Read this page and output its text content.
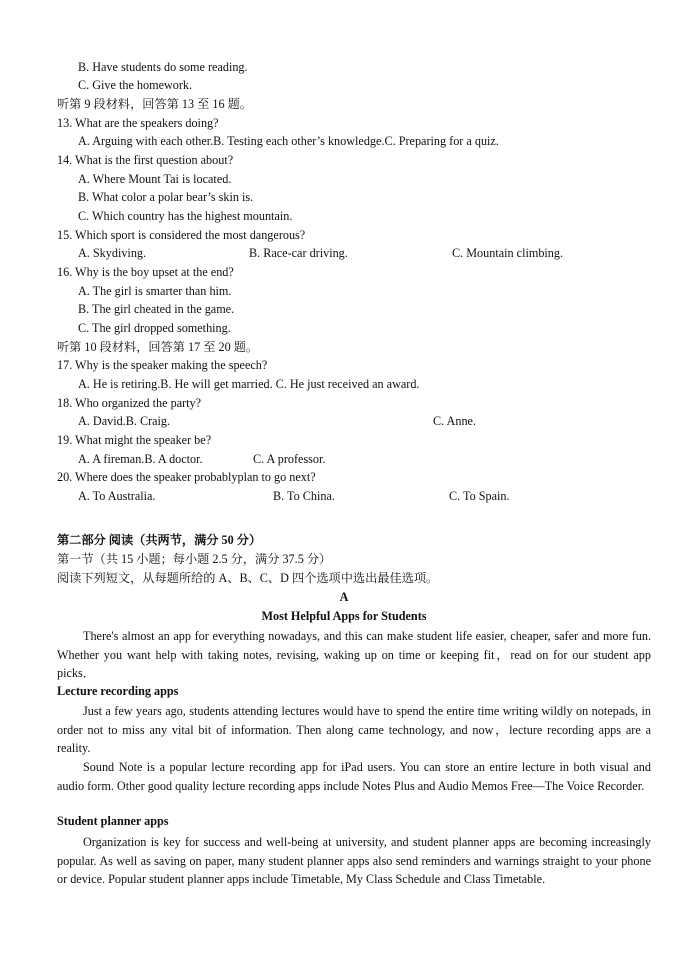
B. Have students do some reading.
C. Give the homework.
听第 9 段材料，回答第 13 至 16 题。
13. What are the speakers doing?
A. Arguing with each other.B. Testing each other’s knowledge.C. Preparing for a quiz.
14. What is the first question about?
A. Where Mount Tai is located.
B. What color a polar bear’s skin is.
C. Which country has the highest mountain.
15. Which sport is considered the most dangerous?
A. Skydiving.	B. Race-car driving.	C. Mountain climbing.
16. Why is the boy upset at the end?
A. The girl is smarter than him.
B. The girl cheated in the game.
C. The girl dropped something.
听第 10 段材料，回答第 17 至 20 题。
17. Why is the speaker making the speech?
A. He is retiring.B. He will get married. C. He just received an award.
18. Who organized the party?
A. David.B. Craig.	C. Anne.
19. What might the speaker be?
A. A fireman.B. A doctor.	C. A professor.
20. Where does the speaker probablyplan to go next?
A. To Australia.	B. To China.	C. To Spain.
第二部分 阅读（共两节，满分 50 分）
第一节（共 15 小题；每小题 2.5 分，满分 37.5 分）
阅读下列短文，从每题所给的 A、B、C、D 四个选项中选出最佳选项。
A
Most Helpful Apps for Students

There's almost an app for everything nowadays, and this can make student life easier, cheaper, safer and more fun. Whether you want help with taking notes, revising, waking up on time or keeping fit，read on for our student app picks．

Lecture recording apps

Just a few years ago, students attending lectures would have to spend the entire time writing wildly on notepads, in order not to miss any vital bit of information. Then along came technology, and now，lecture recording apps are a reality.

Sound Note is a popular lecture recording app for iPad users. You can store an entire lecture in both visual and audio form. Other good quality lecture recording apps include Notes Plus and Audio Memos Free—The Voice Recorder.

Student planner apps

Organization is key for success and well-being at university, and student planner apps are becoming increasingly popular. As well as saving on paper, many student planner apps also send reminders and warnings straight to your phone or device. Popular student planner apps include Timetable, My Class Schedule and Class Timetable.
